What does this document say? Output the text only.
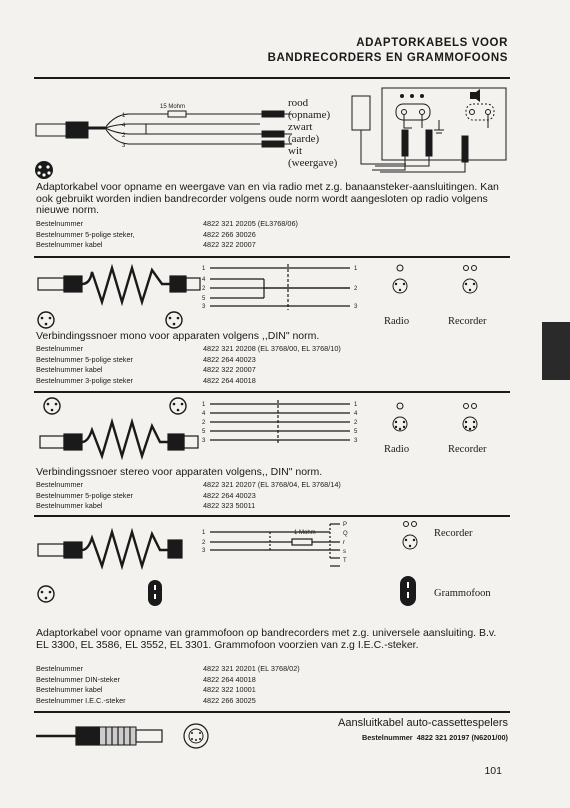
ADAPTORKABELS VOOR
BANDRECORDERS EN GRAMMOFOONS
15 Mohm
1
4
2
3
rood
(opname)
zwart
(aarde)
wit
(weergave)
Adaptorkabel voor opname en weergave van en via radio met z.g. banaansteker-aansluitingen. Kan ook gebruikt worden indien bandrecorder volgens oude norm wordt aangesloten op radio volgens nieuwe norm.
Bestelnummer	4822 321 20205 (EL3768/06)
Bestelnummer 5-polige steker,	4822 266 30026
Bestelnummer kabel	4822 322 20007
1
4
2
5
3
1
2
3
Radio	Recorder
Verbindingssnoer mono voor apparaten volgens ,,DIN" norm.
Bestelnummer	4822 321 20208 (EL 3768/00, EL 3768/10)
Bestelnummer 5-polige steker	4822 264 40023
Bestelnummer kabel	4822 322 20007
Bestelnummer 3-polige steker	4822 264 40018
1
4
2
5
3
1
4
2
5
3
Radio	Recorder
Verbindingssnoer stereo voor apparaten volgens,, DIN" norm.
Bestelnummer	4822 321 20207 (EL 3768/04, EL 3768/14)
Bestelnummer 5-polige steker	4822 264 40023
Bestelnummer kabel	4822 323 50011
1 Mohm
1
2
3
P
Q
r
s
T
Recorder
Grammofoon
Adaptorkabel voor opname van grammofoon op bandrecorders met z.g. universele aansluiting. B.v. EL 3300, EL 3586, EL 3552, EL 3301. Grammofoon voorzien van z.g I.E.C.-steker.
Bestelnummer	4822 321 20201 (EL 3768/02)
Bestelnummer DIN-steker	4822 264 40018
Bestelnummer kabel	4822 322 10001
Bestelnummer I.E.C.-steker	4822 266 30025
Aansluitkabel auto-cassettespelers
Bestelnummer 4822 321 20197 (N6201/00)
101
